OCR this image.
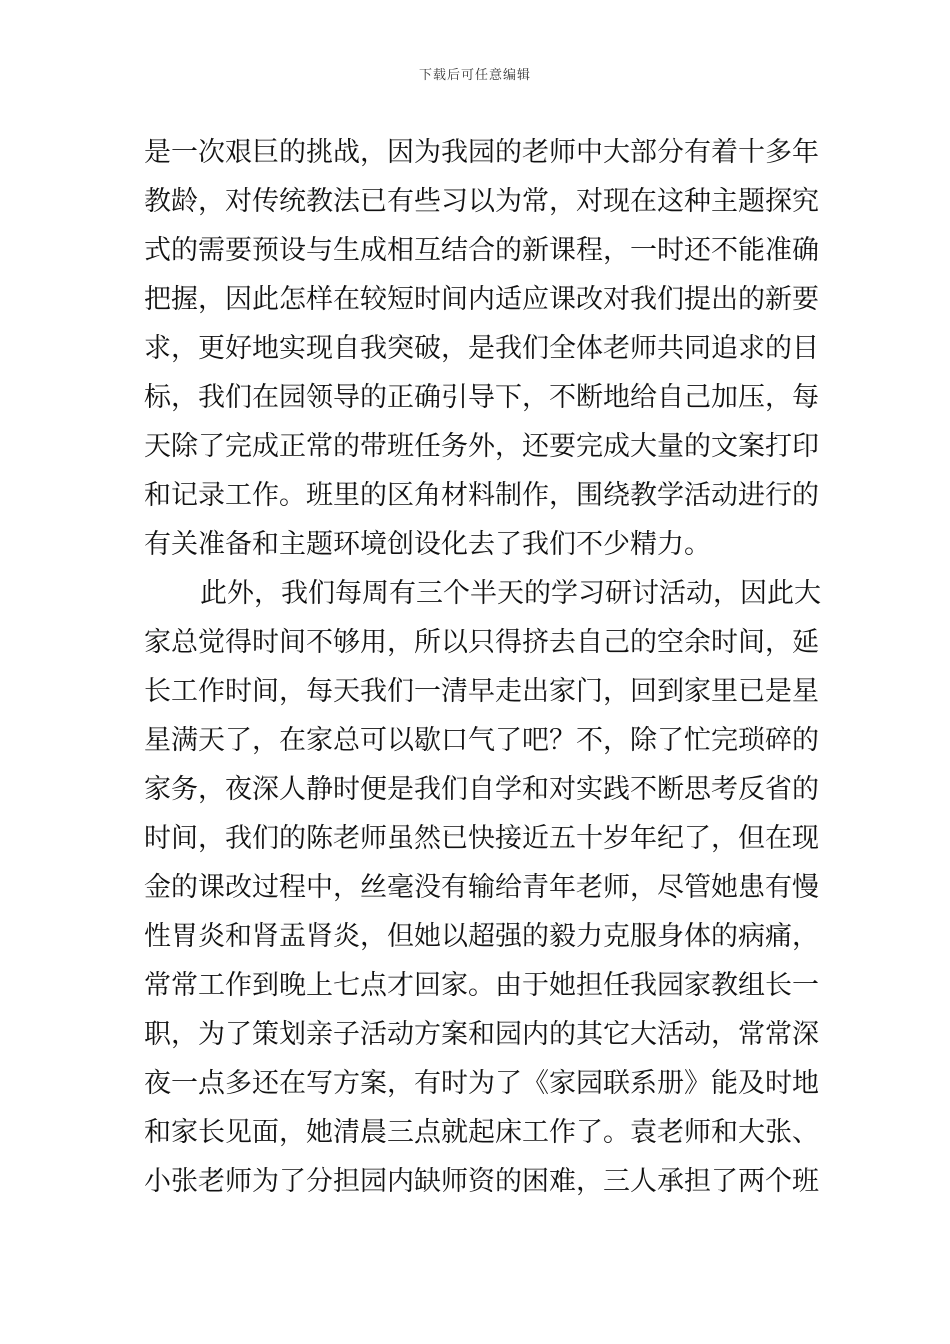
下载后可任意编辑
是一次艰巨的挑战，因为我园的老师中大部分有着十多年
教龄，对传统教法已有些习以为常，对现在这种主题探究
式的需要预设与生成相互结合的新课程，一时还不能准确
把握，因此怎样在较短时间内适应课改对我们提出的新要
求，更好地实现自我突破，是我们全体老师共同追求的目
标，我们在园领导的正确引导下，不断地给自己加压，每
天除了完成正常的带班任务外，还要完成大量的文案打印
和记录工作。班里的区角材料制作，围绕教学活动进行的
有关准备和主题环境创设化去了我们不少精力。
此外，我们每周有三个半天的学习研讨活动，因此大
家总觉得时间不够用，所以只得挤去自己的空余时间，延
长工作时间，每天我们一清早走出家门，回到家里已是星
星满天了，在家总可以歇口气了吧？不，除了忙完琐碎的
家务，夜深人静时便是我们自学和对实践不断思考反省的
时间，我们的陈老师虽然已快接近五十岁年纪了，但在现
金的课改过程中，丝毫没有输给青年老师，尽管她患有慢
性胃炎和肾盂肾炎，但她以超强的毅力克服身体的病痛，
常常工作到晚上七点才回家。由于她担任我园家教组长一
职，为了策划亲子活动方案和园内的其它大活动，常常深
夜一点多还在写方案，有时为了《家园联系册》能及时地
和家长见面，她清晨三点就起床工作了。袁老师和大张、
小张老师为了分担园内缺师资的困难，三人承担了两个班
